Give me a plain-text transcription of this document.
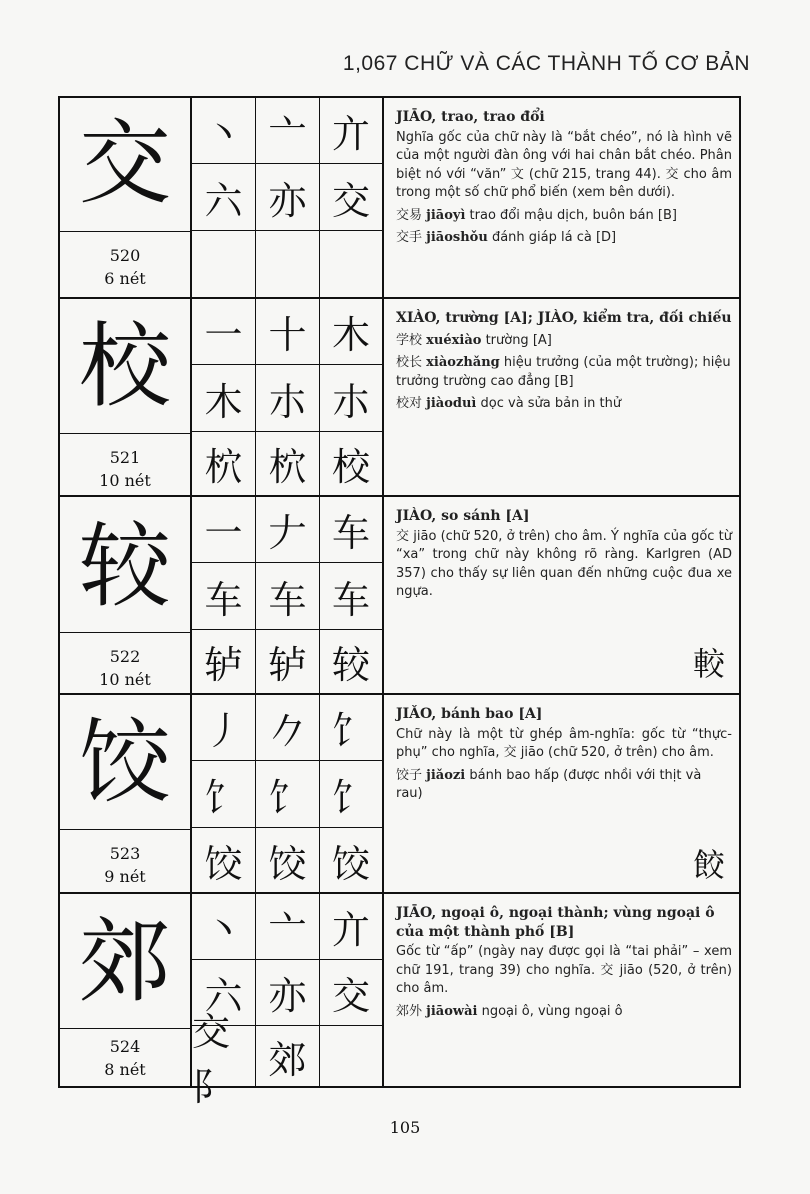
1,067 CHỮ VÀ CÁC THÀNH TỐ CƠ BẢN
交
520
6 nét
丶 亠 亣
六 亦 交
JIĀO, trao, trao đổi
Nghĩa gốc của chữ này là “bắt chéo”, nó là hình vẽ của một người đàn ông với hai chân bắt chéo. Phân biệt nó với “văn” 文 (chữ 215, trang 44). 交 cho âm trong một số chữ phổ biến (xem bên dưới).
交易 jiāoyì trao đổi mậu dịch, buôn bán [B]
交手 jiāoshǒu đánh giáp lá cà [D]
校
521
10 nét
一 十 木
木 朩 朩
柼 柼 校
XIÀO, trường [A]; JIÀO, kiểm tra, đối chiếu
学校 xuéxiào trường [A]
校长 xiàozhǎng hiệu trưởng (của một trường); hiệu trưởng trường cao đẳng [B]
校对 jiàoduì dọc và sửa bản in thử
较
522
10 nét
一 𠂇 车
车 车 车
轳 轳 较
JIÀO, so sánh [A]
交 jiāo (chữ 520, ở trên) cho âm. Ý nghĩa của gốc từ “xa” trong chữ này không rõ ràng. Karlgren (AD 357) cho thấy sự liên quan đến những cuộc đua xe ngựa.
較
饺
523
9 nét
丿 𠂊 饣
饣 饣 饣
饺 饺 饺
JIǍO, bánh bao [A]
Chữ này là một từ ghép âm-nghĩa: gốc từ “thực-phụ” cho nghĩa, 交 jiāo (chữ 520, ở trên) cho âm.
饺子 jiǎozi bánh bao hấp (được nhồi với thịt và rau)
餃
郊
524
8 nét
丶 亠 亣
六 亦 交
交阝
郊
JIĀO, ngoại ô, ngoại thành; vùng ngoại ô của một thành phố [B]
Gốc từ “ấp” (ngày nay được gọi là “tai phải” – xem chữ 191, trang 39) cho nghĩa. 交 jiāo (520, ở trên) cho âm.
郊外 jiāowài ngoại ô, vùng ngoại ô
105
